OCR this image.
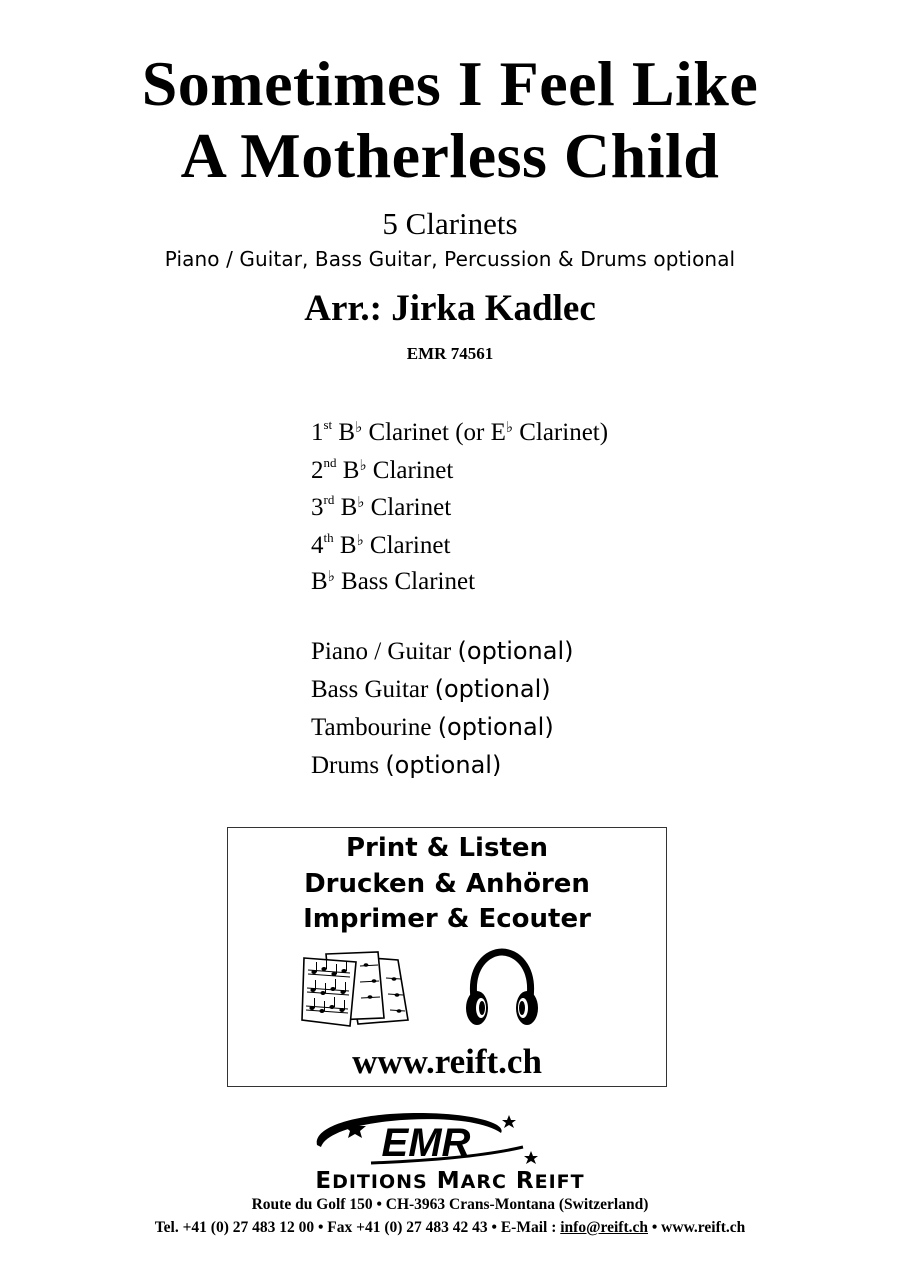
Sometimes I Feel Like
A Motherless Child
5 Clarinets
Piano / Guitar, Bass Guitar, Percussion & Drums optional
Arr.: Jirka Kadlec
EMR 74561
1st B♭ Clarinet (or E♭ Clarinet)
2nd B♭ Clarinet
3rd B♭ Clarinet
4th B♭ Clarinet
B♭ Bass Clarinet
Piano / Guitar (optional)
Bass Guitar (optional)
Tambourine (optional)
Drums (optional)
Print & Listen
Drucken & Anhören
Imprimer & Ecouter
www.reift.ch
EMR
EDITIONS MARC REIFT
Route du Golf 150 • CH-3963 Crans-Montana (Switzerland)
Tel. +41 (0) 27 483 12 00 • Fax +41 (0) 27 483 42 43 • E-Mail : info@reift.ch • www.reift.ch
